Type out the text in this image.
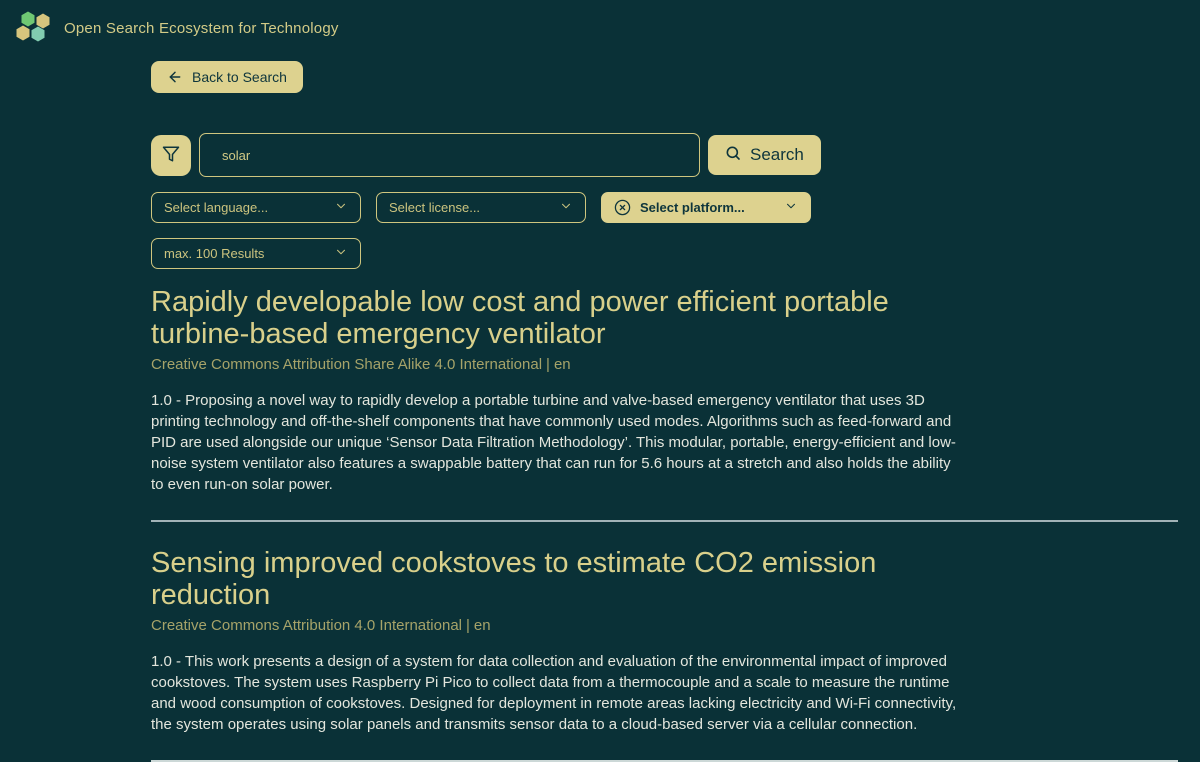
Open Search Ecosystem for Technology
Back to Search
solar
Search
Select language...	Select license...	Select platform...
max. 100 Results
Rapidly developable low cost and power efficient portable turbine-based emergency ventilator
Creative Commons Attribution Share Alike 4.0 International | en

1.0 - Proposing a novel way to rapidly develop a portable turbine and valve-based emergency ventilator that uses 3D printing technology and off-the-shelf components that have commonly used modes. Algorithms such as feed-forward and PID are used alongside our unique ‘Sensor Data Filtration Methodology’. This modular, portable, energy-efficient and low-noise system ventilator also features a swappable battery that can run for 5.6 hours at a stretch and also holds the ability to even run-on solar power.

Sensing improved cookstoves to estimate CO2 emission reduction
Creative Commons Attribution 4.0 International | en

1.0 - This work presents a design of a system for data collection and evaluation of the environmental impact of improved cookstoves. The system uses Raspberry Pi Pico to collect data from a thermocouple and a scale to measure the runtime and wood consumption of cookstoves. Designed for deployment in remote areas lacking electricity and Wi-Fi connectivity, the system operates using solar panels and transmits sensor data to a cloud-based server via a cellular connection.
